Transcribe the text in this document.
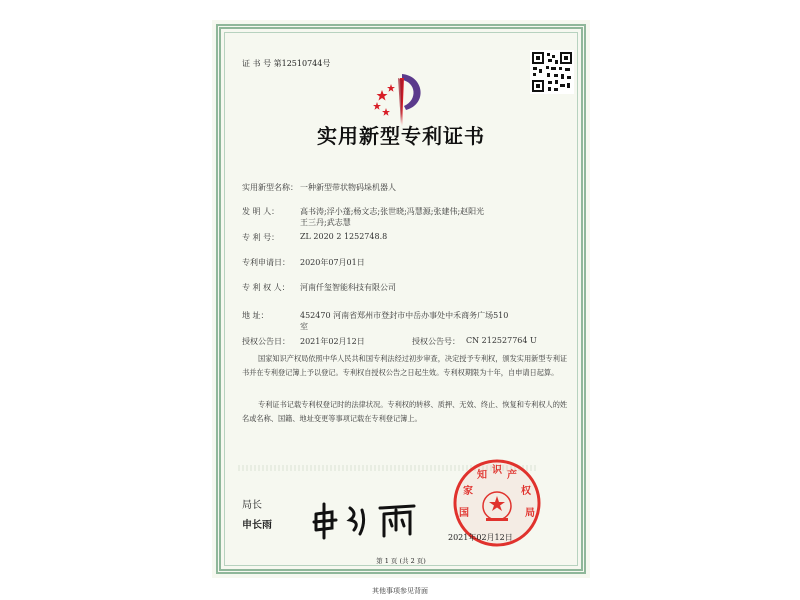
证 书 号 第12510744号
实用新型专利证书
实用新型名称： 一种新型带状物码垛机器人
发 明 人：	高书涛;浮小蓬;杨文志;张世晓;冯慧源;张建伟;赵阳光
王三丹;武志慧
专 利 号：	ZL 2020 2 1252748.8
专利申请日： 2020年07月01日
专 利 权 人： 河南仟玺智能科技有限公司
地 址：	452470 河南省郑州市登封市中岳办事处中禾商务广场510
室
授权公告日： 2021年02月12日	授权公告号： CN 212527764 U
国家知识产权局依照中华人民共和国专利法经过初步审查，决定授予专利权，颁发实用新型专利证书并在专利登记簿上予以登记。专利权自授权公告之日起生效。专利权期限为十年，自申请日起算。
专利证书记载专利权登记时的法律状况。专利权的转移、质押、无效、终止、恢复和专利权人的姓名或名称、国籍、地址变更等事项记载在专利登记簿上。
局长
申长雨
国
家
知 识 产
权
局
2021年02月12日
第 1 页 (共 2 页)
其他事项参见背面
